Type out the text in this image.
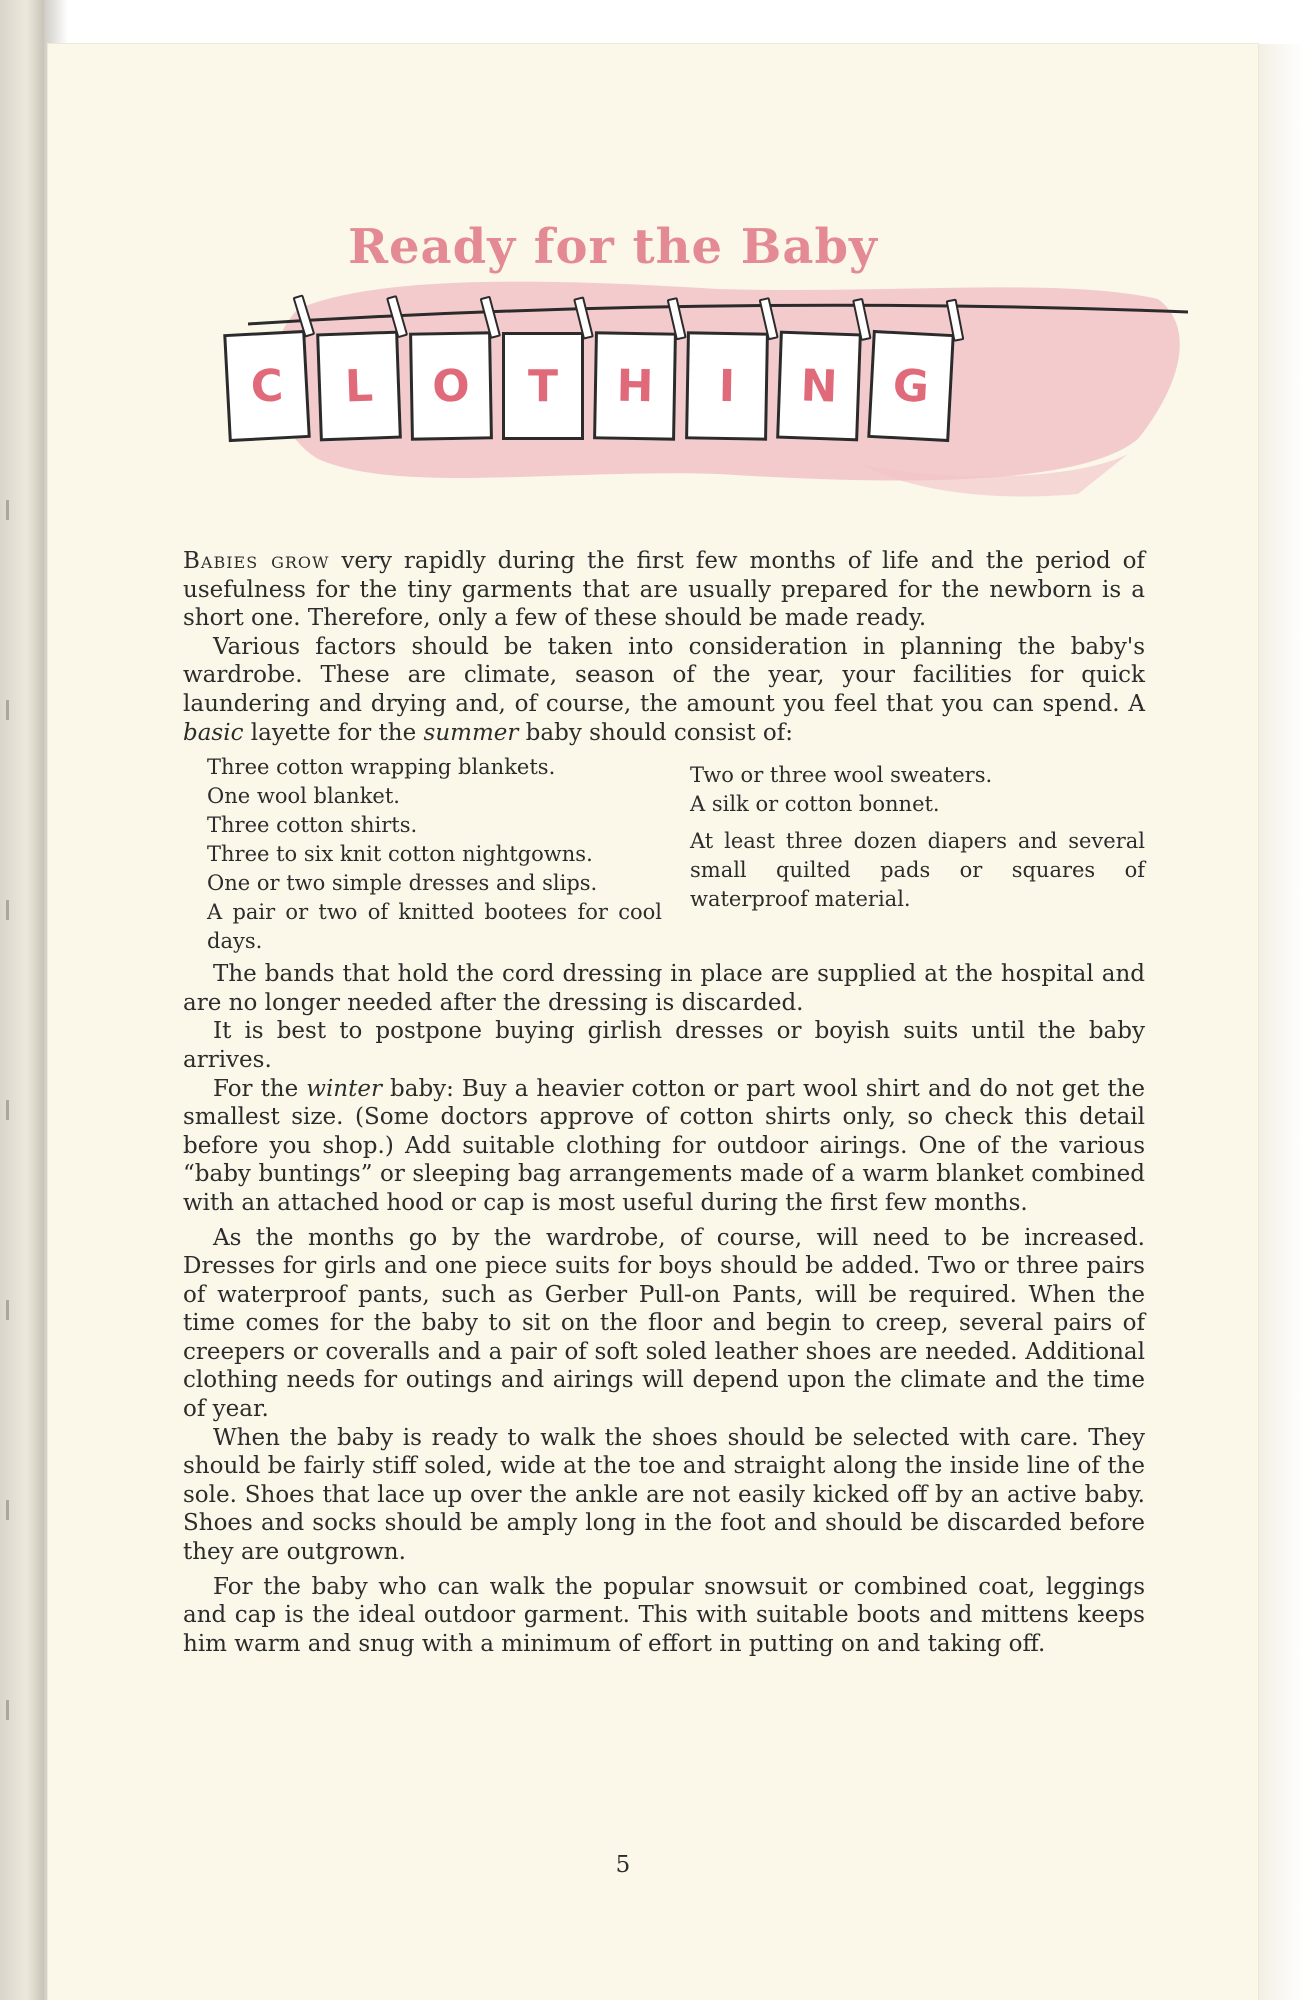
Ready for the Baby
C L O T H I N G

Babies grow very rapidly during the first few months of life and the period of usefulness for the tiny garments that are usually prepared for the newborn is a short one. Therefore, only a few of these should be made ready.

Various factors should be taken into consideration in planning the baby's wardrobe. These are climate, season of the year, your facilities for quick laundering and drying and, of course, the amount you feel that you can spend. A basic layette for the summer baby should consist of:

Three cotton wrapping blankets.
One wool blanket.
Three cotton shirts.
Three to six knit cotton nightgowns.
One or two simple dresses and slips.
A pair or two of knitted bootees for cool days.
Two or three wool sweaters.
A silk or cotton bonnet.
At least three dozen diapers and several small quilted pads or squares of waterproof material.

The bands that hold the cord dressing in place are supplied at the hospital and are no longer needed after the dressing is discarded.

It is best to postpone buying girlish dresses or boyish suits until the baby arrives.

For the winter baby: Buy a heavier cotton or part wool shirt and do not get the smallest size. (Some doctors approve of cotton shirts only, so check this detail before you shop.) Add suitable clothing for outdoor airings. One of the various “baby buntings” or sleeping bag arrangements made of a warm blanket combined with an attached hood or cap is most useful during the first few months.

As the months go by the wardrobe, of course, will need to be increased. Dresses for girls and one piece suits for boys should be added. Two or three pairs of waterproof pants, such as Gerber Pull-on Pants, will be required. When the time comes for the baby to sit on the floor and begin to creep, several pairs of creepers or coveralls and a pair of soft soled leather shoes are needed. Additional clothing needs for outings and airings will depend upon the climate and the time of year.

When the baby is ready to walk the shoes should be selected with care. They should be fairly stiff soled, wide at the toe and straight along the inside line of the sole. Shoes that lace up over the ankle are not easily kicked off by an active baby. Shoes and socks should be amply long in the foot and should be discarded before they are outgrown.

For the baby who can walk the popular snowsuit or combined coat, leggings and cap is the ideal outdoor garment. This with suitable boots and mittens keeps him warm and snug with a minimum of effort in putting on and taking off.

5
